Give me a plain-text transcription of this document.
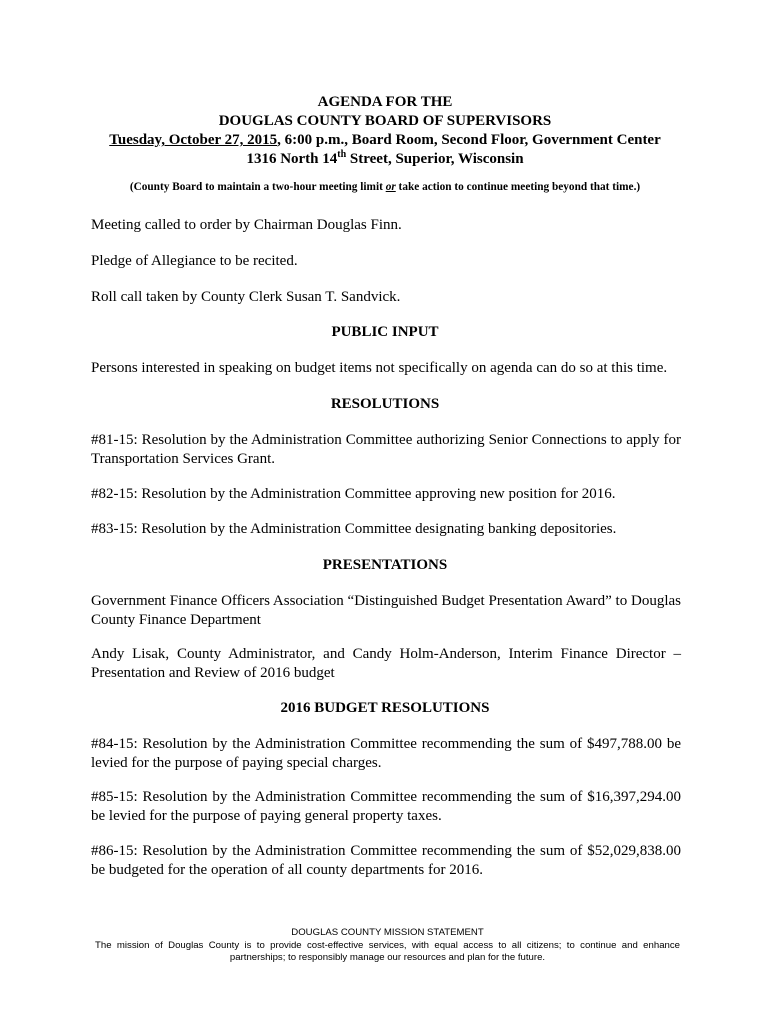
AGENDA FOR THE
DOUGLAS COUNTY BOARD OF SUPERVISORS
Tuesday, October 27, 2015, 6:00 p.m., Board Room, Second Floor, Government Center
1316 North 14th Street, Superior, Wisconsin
(County Board to maintain a two-hour meeting limit or take action to continue meeting beyond that time.)
Meeting called to order by Chairman Douglas Finn.
Pledge of Allegiance to be recited.
Roll call taken by County Clerk Susan T. Sandvick.
PUBLIC INPUT
Persons interested in speaking on budget items not specifically on agenda can do so at this time.
RESOLUTIONS
#81-15: Resolution by the Administration Committee authorizing Senior Connections to apply for Transportation Services Grant.
#82-15: Resolution by the Administration Committee approving new position for 2016.
#83-15: Resolution by the Administration Committee designating banking depositories.
PRESENTATIONS
Government Finance Officers Association “Distinguished Budget Presentation Award” to Douglas County Finance Department
Andy Lisak, County Administrator, and Candy Holm-Anderson, Interim Finance Director – Presentation and Review of 2016 budget
2016 BUDGET RESOLUTIONS
#84-15: Resolution by the Administration Committee recommending the sum of $497,788.00 be levied for the purpose of paying special charges.
#85-15: Resolution by the Administration Committee recommending the sum of $16,397,294.00 be levied for the purpose of paying general property taxes.
#86-15: Resolution by the Administration Committee recommending the sum of $52,029,838.00 be budgeted for the operation of all county departments for 2016.
DOUGLAS COUNTY MISSION STATEMENT
The mission of Douglas County is to provide cost-effective services, with equal access to all citizens; to continue and enhance partnerships; to responsibly manage our resources and plan for the future.
